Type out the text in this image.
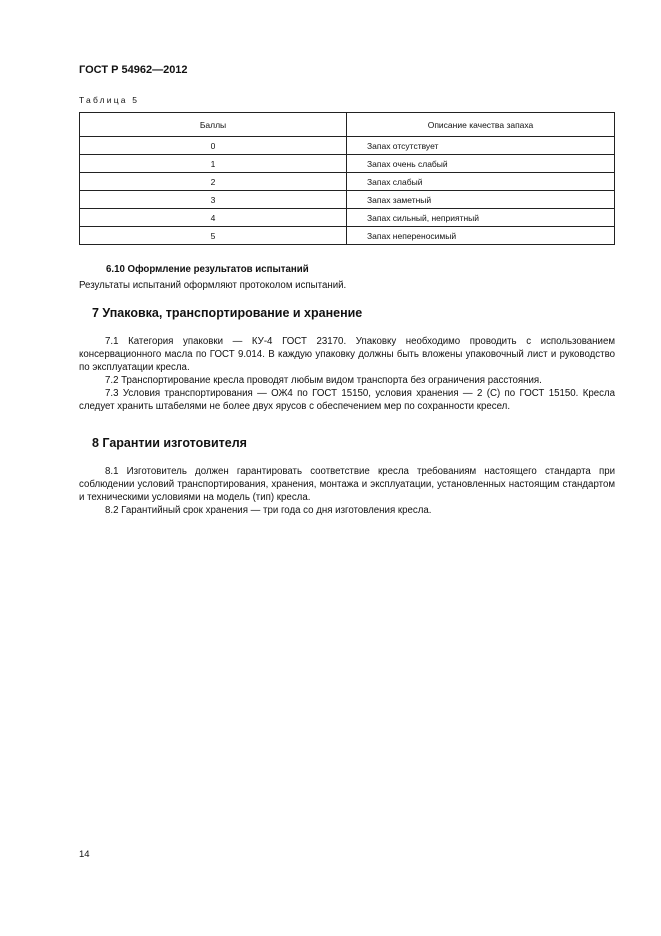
ГОСТ Р 54962—2012
Таблица 5
Баллы	Описание качества запаха
0	Запах отсутствует
1	Запах очень слабый
2	Запах слабый
3	Запах заметный
4	Запах сильный, неприятный
5	Запах непереносимый
6.10 Оформление результатов испытаний

Результаты испытаний оформляют протоколом испытаний.

7 Упаковка, транспортирование и хранение

7.1 Категория упаковки — КУ-4 ГОСТ 23170. Упаковку необходимо проводить с использованием консервационного масла по ГОСТ 9.014. В каждую упаковку должны быть вложены упаковочный лист и руководство по эксплуатации кресла.

7.2 Транспортирование кресла проводят любым видом транспорта без ограничения расстояния.

7.3 Условия транспортирования — ОЖ4 по ГОСТ 15150, условия хранения — 2 (С) по ГОСТ 15150. Кресла следует хранить штабелями не более двух ярусов с обеспечением мер по сохранности кресел.

8 Гарантии изготовителя

8.1 Изготовитель должен гарантировать соответствие кресла требованиям настоящего стандарта при соблюдении условий транспортирования, хранения, монтажа и эксплуатации, установленных настоящим стандартом и техническими условиями на модель (тип) кресла.

8.2 Гарантийный срок хранения — три года со дня изготовления кресла.

14
